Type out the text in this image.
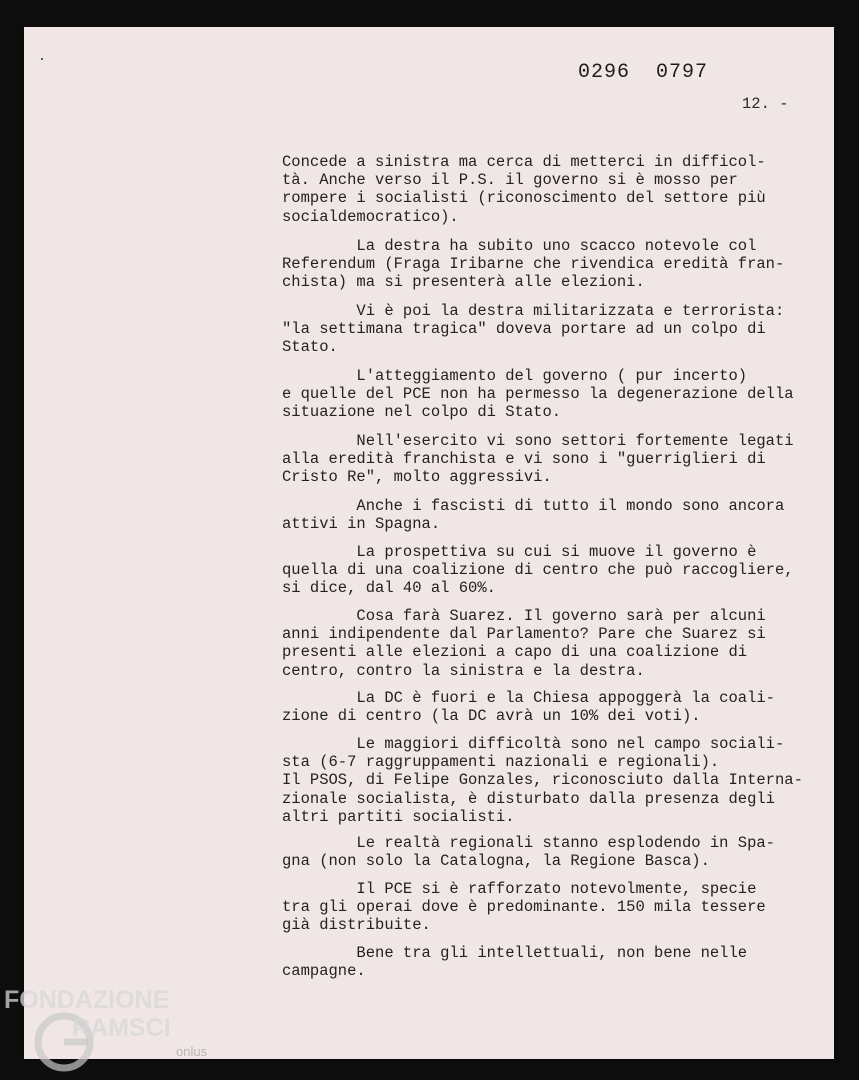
0296  0797
12. -

Concede a sinistra ma cerca di metterci in difficol-
tà. Anche verso il P.S. il governo si è mosso per
rompere i socialisti (riconoscimento del settore più
socialdemocratico).

La destra ha subito uno scacco notevole col
Referendum (Fraga Iribarne che rivendica eredità fran-
chista) ma si presenterà alle elezioni.

Vi è poi la destra militarizzata e terrorista:
"la settimana tragica" doveva portare ad un colpo di
Stato.

L'atteggiamento del governo ( pur incerto)
e quelle del PCE non ha permesso la degenerazione della
situazione nel colpo di Stato.

Nell'esercito vi sono settori fortemente legati
alla eredità franchista e vi sono i "guerriglieri di
Cristo Re", molto aggressivi.

Anche i fascisti di tutto il mondo sono ancora
attivi in Spagna.

La prospettiva su cui si muove il governo è
quella di una coalizione di centro che può raccogliere,
si dice, dal 40 al 60%.

Cosa farà Suarez. Il governo sarà per alcuni
anni indipendente dal Parlamento? Pare che Suarez si
presenti alle elezioni a capo di una coalizione di
centro, contro la sinistra e la destra.

La DC è fuori e la Chiesa appoggerà la coali-
zione di centro (la DC avrà un 10% dei voti).

Le maggiori difficoltà sono nel campo sociali-
sta (6-7 raggruppamenti nazionali e regionali).
Il PSOS, di Felipe Gonzales, riconosciuto dalla Interna-
zionale socialista, è disturbato dalla presenza degli
altri partiti socialisti.

Le realtà regionali stanno esplodendo in Spa-
gna (non solo la Catalogna, la Regione Basca).

Il PCE si è rafforzato notevolmente, specie
tra gli operai dove è predominante. 150 mila tessere
già distribuite.

Bene tra gli intellettuali, non bene nelle
campagne.

FONDAZIONE
RAMSCI
onlus
